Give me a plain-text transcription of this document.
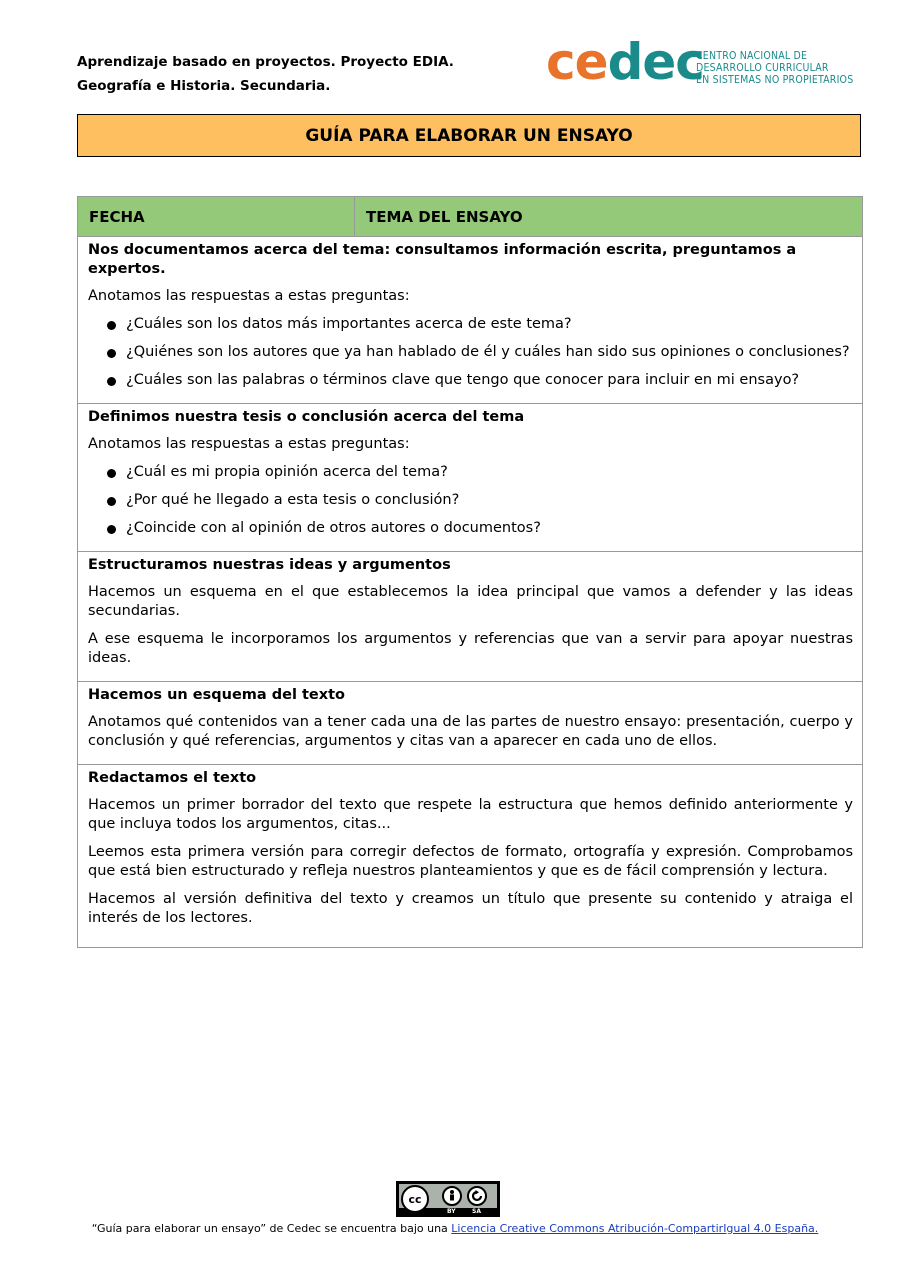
Aprendizaje basado en proyectos. Proyecto EDIA.
Geografía e Historia. Secundaria.	cedec
CENTRO NACIONAL DE
DESARROLLO CURRICULAR
EN SISTEMAS NO PROPIETARIOS
GUÍA PARA ELABORAR UN ENSAYO
FECHA	TEMA DEL ENSAYO
Nos documentamos acerca del tema: consultamos información escrita, preguntamos a expertos.

Anotamos las respuestas a estas preguntas:

¿Cuáles son los datos más importantes acerca de este tema?
¿Quiénes son los autores que ya han hablado de él y cuáles han sido sus opiniones o conclusiones?
¿Cuáles son las palabras o términos clave que tengo que conocer para incluir en mi ensayo?
Definimos nuestra tesis o conclusión acerca del tema

Anotamos las respuestas a estas preguntas:

¿Cuál es mi propia opinión acerca del tema?
¿Por qué he llegado a esta tesis o conclusión?
¿Coincide con al opinión de otros autores o documentos?
Estructuramos nuestras ideas y argumentos

Hacemos un esquema en el que establecemos la idea principal que vamos a defender y las ideas secundarias.

A ese esquema le incorporamos los argumentos y referencias que van a servir para apoyar nuestras ideas.

Hacemos un esquema del texto

Anotamos qué contenidos van a tener cada una de las partes de nuestro ensayo: presentación, cuerpo y conclusión y qué referencias, argumentos y citas van a aparecer en cada uno de ellos.

Redactamos el texto

Hacemos un primer borrador del texto que respete la estructura que hemos definido anteriormente y que incluya todos los argumentos, citas...

Leemos esta primera versión para corregir defectos de formato, ortografía y expresión. Comprobamos que está bien estructurado y refleja nuestros planteamientos y que es de fácil comprensión y lectura.

Hacemos al versión definitiva del texto y creamos un título que presente su contenido y atraiga el interés de los lectores.

cc
BY	SA
“Guía para elaborar un ensayo” de Cedec se encuentra bajo una Licencia Creative Commons Atribución-CompartirIgual 4.0 España.
